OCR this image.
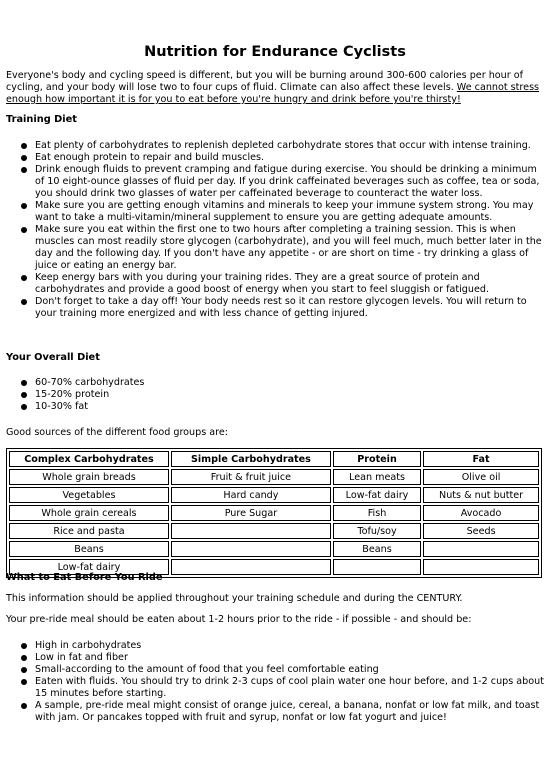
Nutrition for Endurance Cyclists

Everyone's body and cycling speed is different, but you will be burning around 300-600 calories per hour of cycling, and your body will lose two to four cups of fluid. Climate can also affect these levels. We cannot stress enough how important it is for you to eat before you're hungry and drink before you're thirsty!

Training Diet

Eat plenty of carbohydrates to replenish depleted carbohydrate stores that occur with intense training.
Eat enough protein to repair and build muscles.
Drink enough fluids to prevent cramping and fatigue during exercise. You should be drinking a minimum of 10 eight-ounce glasses of fluid per day. If you drink caffeinated beverages such as coffee, tea or soda, you should drink two glasses of water per caffeinated beverage to counteract the water loss.
Make sure you are getting enough vitamins and minerals to keep your immune system strong. You may want to take a multi-vitamin/mineral supplement to ensure you are getting adequate amounts.
Make sure you eat within the first one to two hours after completing a training session. This is when muscles can most readily store glycogen (carbohydrate), and you will feel much, much better later in the day and the following day. If you don't have any appetite - or are short on time - try drinking a glass of juice or eating an energy bar.
Keep energy bars with you during your training rides. They are a great source of protein and carbohydrates and provide a good boost of energy when you start to feel sluggish or fatigued.
Don't forget to take a day off! Your body needs rest so it can restore glycogen levels. You will return to your training more energized and with less chance of getting injured.

Your Overall Diet

60-70% carbohydrates
15-20% protein
10-30% fat

Good sources of the different food groups are:

Complex Carbohydrates	Simple Carbohydrates	Protein	Fat
Whole grain breads	Fruit & fruit juice	Lean meats	Olive oil
Vegetables	Hard candy	Low-fat dairy	Nuts & nut butter
Whole grain cereals	Pure Sugar	Fish	Avocado
Rice and pasta		Tofu/soy	Seeds
Beans		Beans	
Low-fat dairy			

What to Eat Before You Ride

This information should be applied throughout your training schedule and during the CENTURY.

Your pre-ride meal should be eaten about 1-2 hours prior to the ride - if possible - and should be:

High in carbohydrates
Low in fat and fiber
Small-according to the amount of food that you feel comfortable eating
Eaten with fluids. You should try to drink 2-3 cups of cool plain water one hour before, and 1-2 cups about 15 minutes before starting.
A sample, pre-ride meal might consist of orange juice, cereal, a banana, nonfat or low fat milk, and toast with jam. Or pancakes topped with fruit and syrup, nonfat or low fat yogurt and juice!
